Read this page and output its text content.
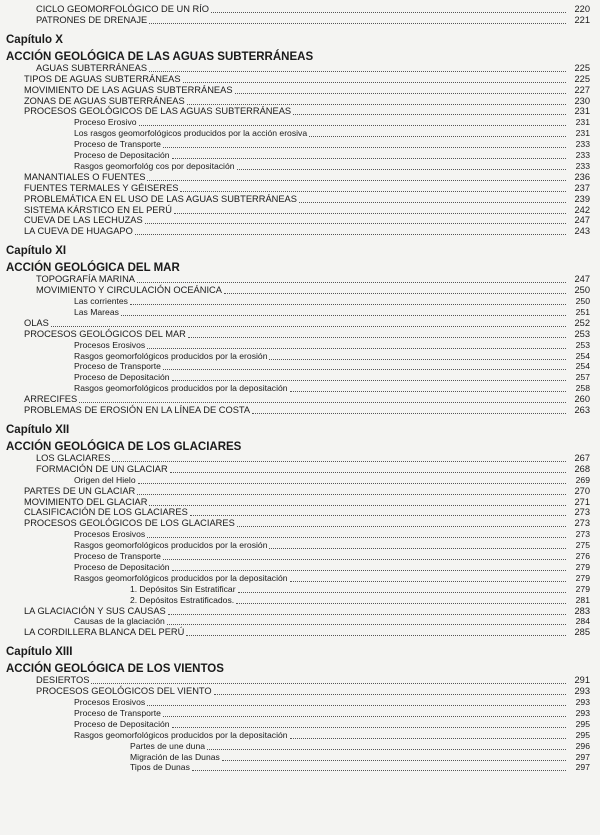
CICLO GEOMORFOLÓGICO DE UN RÍO	220
PATRONES DE DRENAJE	221
Capítulo X
ACCIÓN GEOLÓGICA DE LAS AGUAS SUBTERRÁNEAS
AGUAS SUBTERRÁNEAS	225
TIPOS DE AGUAS SUBTERRÁNEAS	225
MOVIMIENTO DE LAS AGUAS SUBTERRÁNEAS	227
ZONAS DE AGUAS SUBTERRÁNEAS	230
PROCESOS GEOLÓGICOS DE LAS AGUAS SUBTERRÁNEAS	231
Proceso Erosivo	231
Los rasgos geomorfológicos producidos por la acción erosiva	231
Proceso de Transporte	233
Proceso de Depositación	233
Rasgos geomorfológ cos por depositación	233
MANANTIALES O FUENTES	236
FUENTES TERMALES Y GÉISERES	237
PROBLEMÁTICA EN EL USO DE LAS AGUAS SUBTERRÁNEAS	239
SISTEMA KÁRSTICO EN EL PERÚ	242
CUEVA DE LAS LECHUZAS	247
LA CUEVA DE HUAGAPO	243
Capítulo XI
ACCIÓN GEOLÓGICA DEL MAR
TOPOGRAFÍA MARINA	247
MOVIMIENTO Y CIRCULACIÓN OCEÁNICA	250
Las corrientes	250
Las Mareas	251
OLAS	252
PROCESOS GEOLÓGICOS DEL MAR	253
Procesos Erosivos	253
Rasgos geomorfológicos producidos por la erosión	254
Proceso de Transporte	254
Proceso de Depositación	257
Rasgos geomorfológicos producidos por la depositación	258
ARRECIFES	260
PROBLEMAS DE EROSIÓN EN LA LÍNEA DE COSTA	263
Capítulo XII
ACCIÓN GEOLÓGICA DE LOS GLACIARES
LOS GLACIARES	267
FORMACIÓN DE UN GLACIAR	268
Origen del Hielo	269
PARTES DE UN GLACIAR	270
MOVIMIENTO DEL GLACIAR	271
CLASIFICACIÓN DE LOS GLACIARES	273
PROCESOS GEOLÓGICOS DE LOS GLACIARES	273
Procesos Erosivos	273
Rasgos geomorfológicos producidos por la erosión	275
Proceso de Transporte	276
Proceso de Depositación	279
Rasgos geomorfológicos producidos por la depositación	279
1. Depósitos Sin Estratificar	279
2. Depósitos Estratificados.	281
LA GLACIACIÓN Y SUS CAUSAS	283
Causas de la glaciación	284
LA CORDILLERA BLANCA DEL PERÚ	285
Capítulo XIII
ACCIÓN GEOLÓGICA DE LOS VIENTOS
DESIERTOS	291
PROCESOS GEOLÓGICOS DEL VIENTO	293
Procesos Erosivos	293
Proceso de Transporte	293
Proceso de Depositación	295
Rasgos geomorfológicos producidos por la depositación	295
Partes de une duna	296
Migración de las Dunas	297
Tipos de Dunas	297
